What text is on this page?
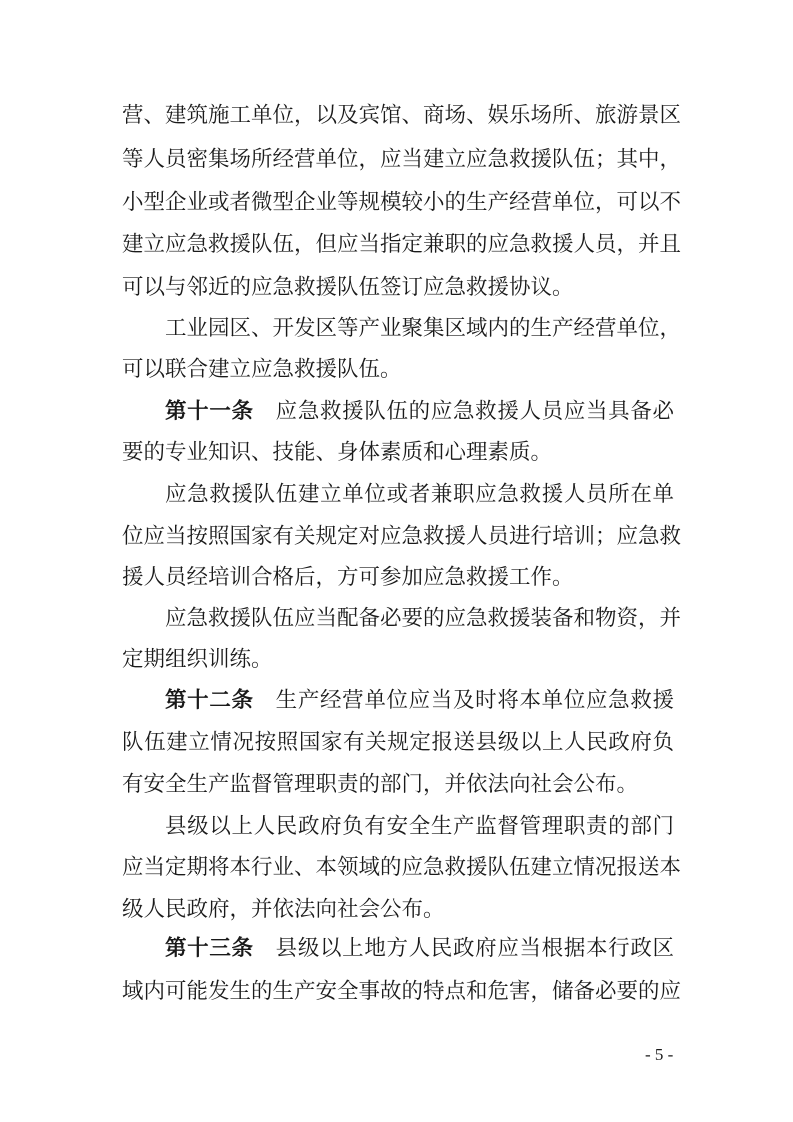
营、建筑施工单位，以及宾馆、商场、娱乐场所、旅游景区
等人员密集场所经营单位，应当建立应急救援队伍；其中，
小型企业或者微型企业等规模较小的生产经营单位，可以不
建立应急救援队伍，但应当指定兼职的应急救援人员，并且
可以与邻近的应急救援队伍签订应急救援协议。
工业园区、开发区等产业聚集区域内的生产经营单位，
可以联合建立应急救援队伍。
第十一条 应急救援队伍的应急救援人员应当具备必
要的专业知识、技能、身体素质和心理素质。
应急救援队伍建立单位或者兼职应急救援人员所在单
位应当按照国家有关规定对应急救援人员进行培训；应急救
援人员经培训合格后，方可参加应急救援工作。
应急救援队伍应当配备必要的应急救援装备和物资，并
定期组织训练。
第十二条 生产经营单位应当及时将本单位应急救援
队伍建立情况按照国家有关规定报送县级以上人民政府负
有安全生产监督管理职责的部门，并依法向社会公布。
县级以上人民政府负有安全生产监督管理职责的部门
应当定期将本行业、本领域的应急救援队伍建立情况报送本
级人民政府，并依法向社会公布。
第十三条 县级以上地方人民政府应当根据本行政区
域内可能发生的生产安全事故的特点和危害，储备必要的应
- 5 -
